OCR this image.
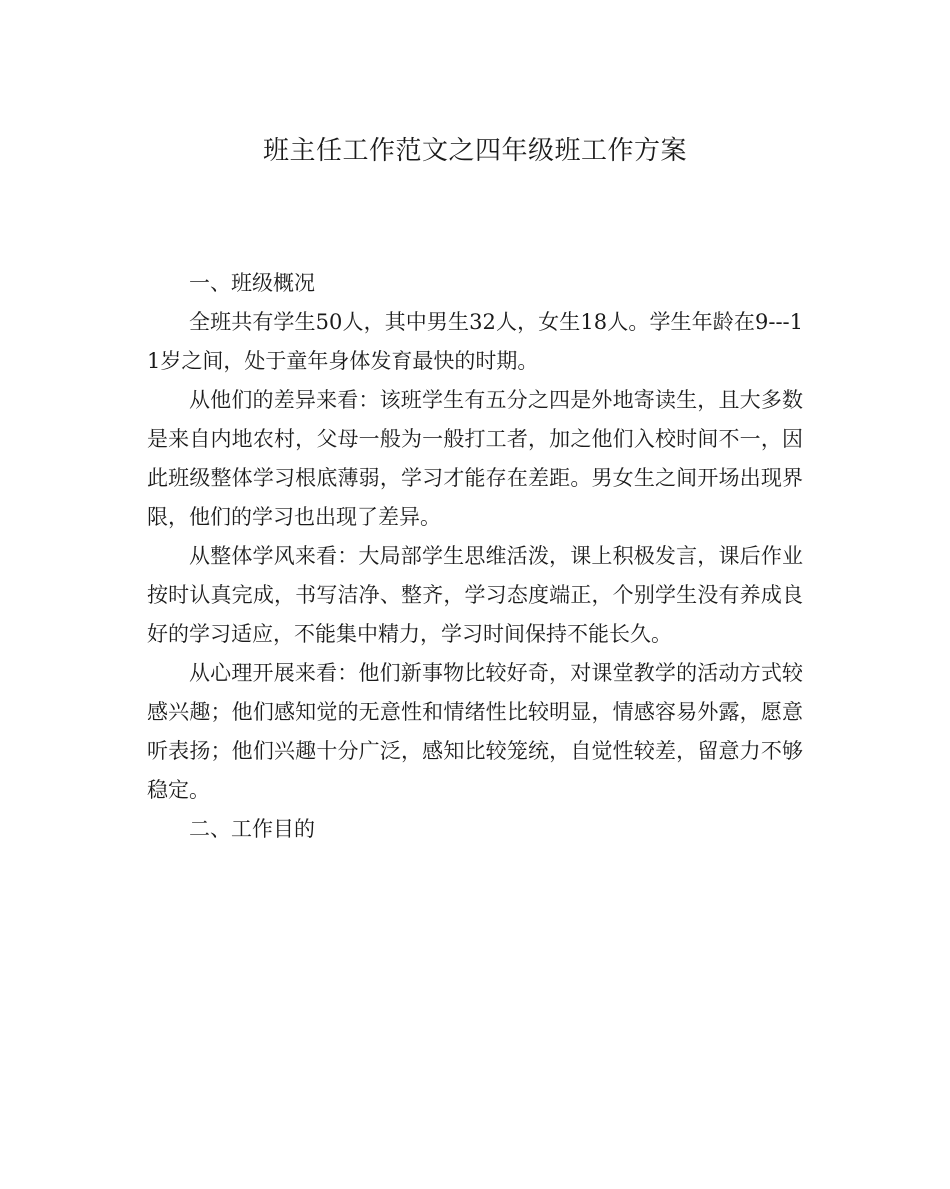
班主任工作范文之四年级班工作方案

一、班级概况

全班共有学生50人，其中男生32人，女生18人。学生年龄在9---11岁之间，处于童年身体发育最快的时期。

从他们的差异来看：该班学生有五分之四是外地寄读生，且大多数是来自内地农村，父母一般为一般打工者，加之他们入校时间不一，因此班级整体学习根底薄弱，学习才能存在差距。男女生之间开场出现界限，他们的学习也出现了差异。

从整体学风来看：大局部学生思维活泼，课上积极发言，课后作业按时认真完成，书写洁净、整齐，学习态度端正，个别学生没有养成良好的学习适应，不能集中精力，学习时间保持不能长久。

从心理开展来看：他们新事物比较好奇，对课堂教学的活动方式较感兴趣；他们感知觉的无意性和情绪性比较明显，情感容易外露，愿意听表扬；他们兴趣十分广泛，感知比较笼统，自觉性较差，留意力不够稳定。

二、工作目的
